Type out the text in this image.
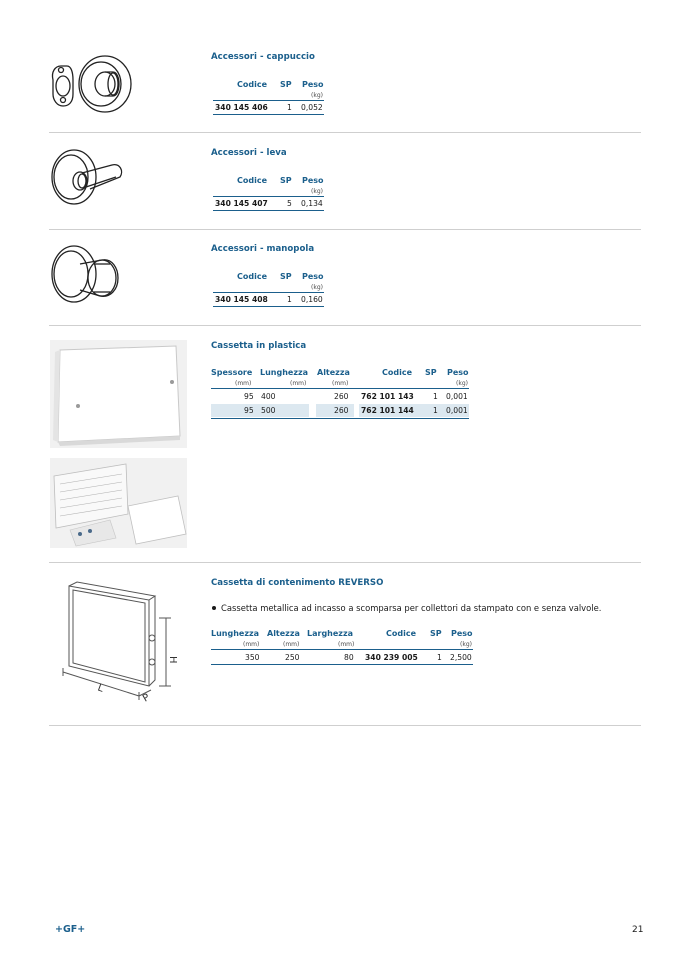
Accessori - cappuccio
Codice SP Peso
(kg)
340 145 406	1 0,052
Accessori - leva
Codice SP Peso
(kg)
340 145 407	5 0,134
Accessori - manopola
Codice SP Peso
(kg)
340 145 408	1 0,160
Cassetta in plastica
Spessore Lunghezza Altezza	Codice SP Peso
(mm)	(mm)	(mm)	(kg)
95 400	260 762 101 143	1 0,001
95 500	260 762 101 144	1 0,001
H
L
P
Cassetta di contenimento REVERSO
Cassetta metallica ad incasso a scomparsa per collettori da stampato con e senza valvole.
Lunghezza Altezza Larghezza	Codice SP Peso
(mm)	(mm)	(mm)	(kg)
350	250	80 340 239 005	1 2,500
+GF+	21
